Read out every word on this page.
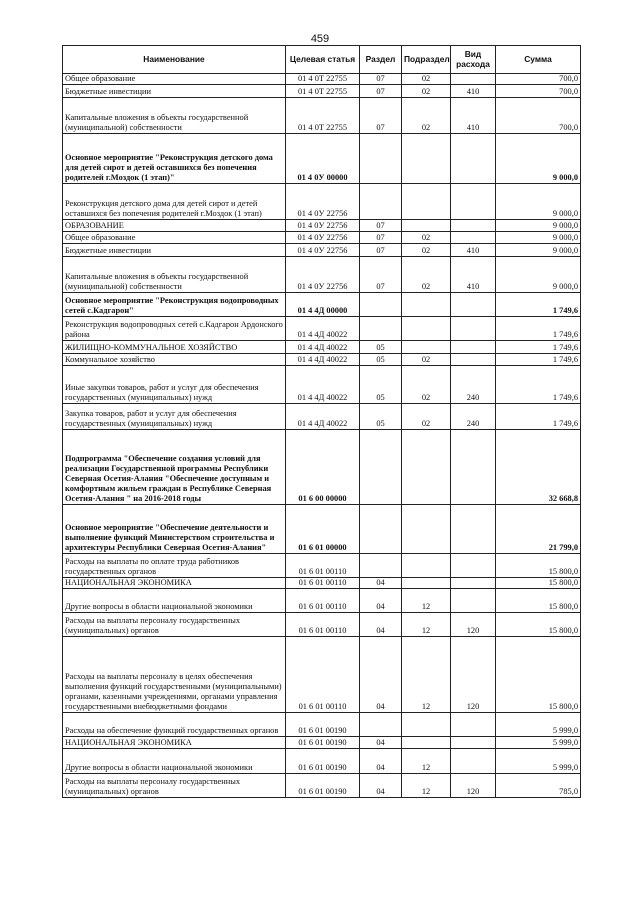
459
Наименование	Целевая статья	Раздел	Подраздел	Вид расхода	Сумма
Общее образование	01 4 0Т 22755	07	02		700,0
Бюджетные инвестиции	01 4 0Т 22755	07	02	410	700,0
Капитальные вложения в объекты государственной (муниципальной) собственности	01 4 0Т 22755	07	02	410	700,0
Основное мероприятие "Реконструкция детского дома для детей сирот и детей оставшихся без попечения родителей г.Моздок (1 этап)"	01 4 0У 00000				9 000,0
Реконструкция детского дома для детей сирот и детей оставшихся без попечения родителей г.Моздок (1 этап)	01 4 0У 22756				9 000,0
ОБРАЗОВАНИЕ	01 4 0У 22756	07			9 000,0
Общее образование	01 4 0У 22756	07	02		9 000,0
Бюджетные инвестиции	01 4 0У 22756	07	02	410	9 000,0
Капитальные вложения в объекты государственной (муниципальной) собственности	01 4 0У 22756	07	02	410	9 000,0
Основное мероприятие "Реконструкция водопроводных сетей с.Кадгарон"	01 4 4Д 00000				1 749,6
Реконструкция водопроводных сетей с.Кадгарон Ардонского района	01 4 4Д 40022				1 749,6
ЖИЛИЩНО-КОММУНАЛЬНОЕ ХОЗЯЙСТВО	01 4 4Д 40022	05			1 749,6
Коммунальное хозяйство	01 4 4Д 40022	05	02		1 749,6
Иные закупки товаров, работ и услуг для обеспечения государственных (муниципальных) нужд	01 4 4Д 40022	05	02	240	1 749,6
Закупка товаров, работ и услуг для обеспечения государственных (муниципальных) нужд	01 4 4Д 40022	05	02	240	1 749,6
Подпрограмма "Обеспечение создания условий для реализации Государственной программы Республики Северная Осетия-Алания "Обеспечение доступным и комфортным жильем граждан в Республике Северная Осетия-Алания " на 2016-2018 годы	01 6 00 00000				32 668,8
Основное мероприятие "Обеспечение деятельности и выполнение функций Министерством строительства и архитектуры Республики Северная Осетия-Алания"	01 6 01 00000				21 799,0
Расходы на выплаты по оплате труда работников государственных органов	01 6 01 00110				15 800,0
НАЦИОНАЛЬНАЯ ЭКОНОМИКА	01 6 01 00110	04			15 800,0
Другие вопросы в области национальной экономики	01 6 01 00110	04	12		15 800,0
Расходы на выплаты персоналу государственных (муниципальных) органов	01 6 01 00110	04	12	120	15 800,0
Расходы на выплаты персоналу в целях обеспечения выполнения функций государственными (муниципальными) органами, казенными учреждениями, органами управления государственными внебюджетными фондами	01 6 01 00110	04	12	120	15 800,0
Расходы на обеспечение функций государственных органов	01 6 01 00190				5 999,0
НАЦИОНАЛЬНАЯ ЭКОНОМИКА	01 6 01 00190	04			5 999,0
Другие вопросы в области национальной экономики	01 6 01 00190	04	12		5 999,0
Расходы на выплаты персоналу государственных (муниципальных) органов	01 6 01 00190	04	12	120	785,0
